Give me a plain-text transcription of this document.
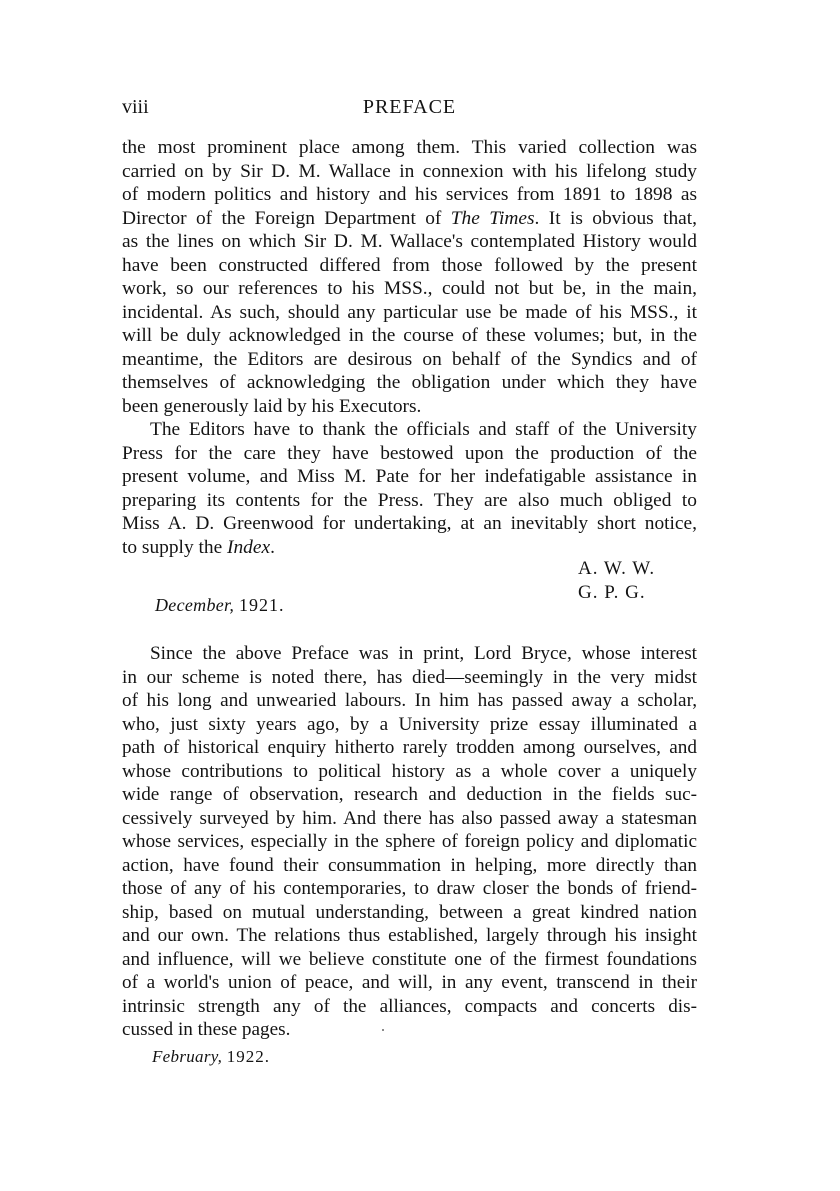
viii	PREFACE
the most prominent place among them. This varied collection was
carried on by Sir D. M. Wallace in connexion with his lifelong study
of modern politics and history and his services from 1891 to 1898 as
Director of the Foreign Department of The Times. It is obvious that,
as the lines on which Sir D. M. Wallace's contemplated History would
have been constructed differed from those followed by the present
work, so our references to his MSS., could not but be, in the main,
incidental. As such, should any particular use be made of his MSS., it
will be duly acknowledged in the course of these volumes; but, in the
meantime, the Editors are desirous on behalf of the Syndics and of
themselves of acknowledging the obligation under which they have
been generously laid by his Executors.
The Editors have to thank the officials and staff of the University
Press for the care they have bestowed upon the production of the
present volume, and Miss M. Pate for her indefatigable assistance in
preparing its contents for the Press. They are also much obliged to
Miss A. D. Greenwood for undertaking, at an inevitably short notice,
to supply the Index.
A. W. W.
G. P. G.
December, 1921.
Since the above Preface was in print, Lord Bryce, whose interest
in our scheme is noted there, has died—seemingly in the very midst
of his long and unwearied labours. In him has passed away a scholar,
who, just sixty years ago, by a University prize essay illuminated a
path of historical enquiry hitherto rarely trodden among ourselves, and
whose contributions to political history as a whole cover a uniquely
wide range of observation, research and deduction in the fields suc-
cessively surveyed by him. And there has also passed away a statesman
whose services, especially in the sphere of foreign policy and diplomatic
action, have found their consummation in helping, more directly than
those of any of his contemporaries, to draw closer the bonds of friend-
ship, based on mutual understanding, between a great kindred nation
and our own. The relations thus established, largely through his insight
and influence, will we believe constitute one of the firmest foundations
of a world's union of peace, and will, in any event, transcend in their
intrinsic strength any of the alliances, compacts and concerts dis-
cussed in these pages.
February, 1922.
